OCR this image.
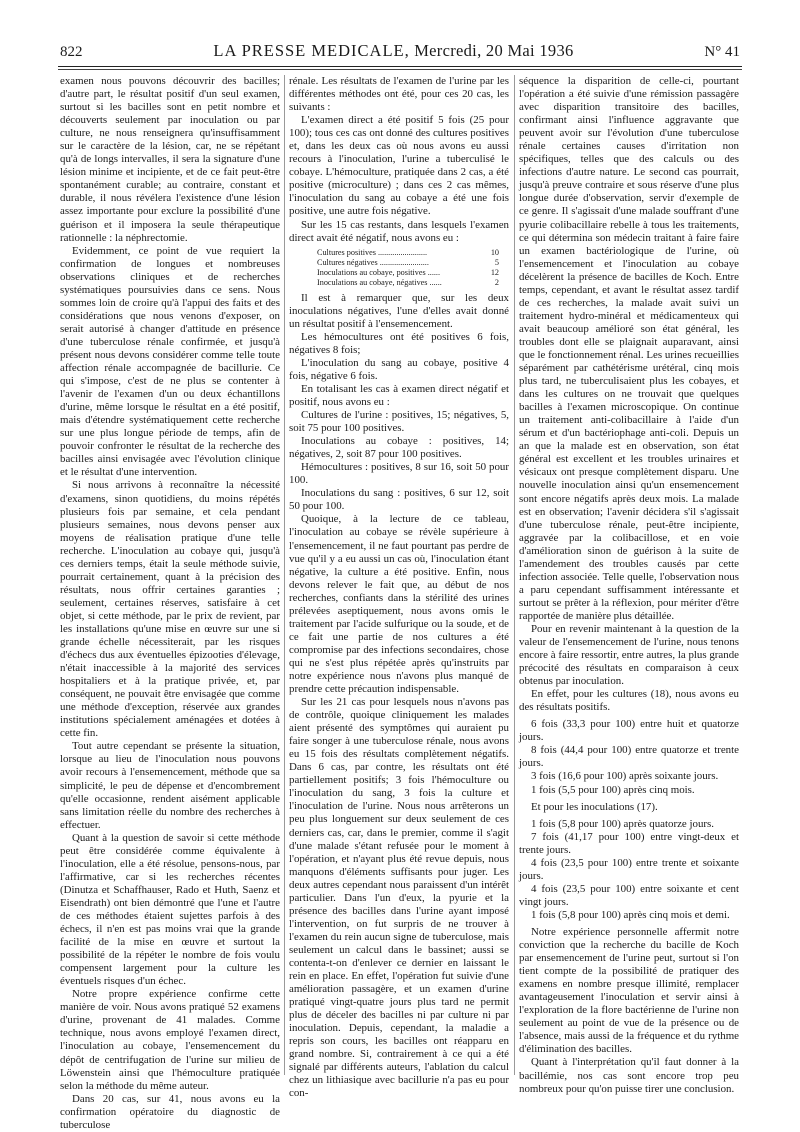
822	LA PRESSE MEDICALE, Mercredi, 20 Mai 1936	N° 41

examen nous pouvons découvrir des bacilles; d'autre part, le résultat positif d'un seul examen, surtout si les bacilles sont en petit nombre et découverts seulement par inoculation ou par culture, ne nous renseignera qu'insuffisamment sur le caractère de la lésion, car, ne se répétant qu'à de longs intervalles, il sera la signature d'une lésion minime et incipiente, et de ce fait peut-être spontanément curable; au contraire, constant et durable, il nous révélera l'existence d'une lésion assez importante pour exclure la possibilité d'une guérison et il imposera la seule thérapeutique rationnelle : la néphrectomie.

Evidemment, ce point de vue requiert la confirmation de longues et nombreuses observations cliniques et de recherches systématiques poursuivies dans ce sens. Nous sommes loin de croire qu'à l'appui des faits et des considérations que nous venons d'exposer, on serait autorisé à changer d'attitude en présence d'une tuberculose rénale confirmée, et jusqu'à présent nous devons considérer comme telle toute affection rénale accompagnée de bacillurie. Ce qui s'impose, c'est de ne plus se contenter à l'avenir de l'examen d'un ou deux échantillons d'urine, même lorsque le résultat en a été positif, mais d'étendre systématiquement cette recherche sur une plus longue période de temps, afin de pouvoir confronter le résultat de la recherche des bacilles ainsi envisagée avec l'évolution clinique et le résultat d'une intervention.

Si nous arrivons à reconnaître la nécessité d'examens, sinon quotidiens, du moins répétés plusieurs fois par semaine, et cela pendant plusieurs semaines, nous devons penser aux moyens de réalisation pratique d'une telle recherche. L'inoculation au cobaye qui, jusqu'à ces derniers temps, était la seule méthode suivie, pourrait certainement, quant à la précision des résultats, nous offrir certaines garanties ; seulement, certaines réserves, satisfaire à cet objet, si cette méthode, par le prix de revient, par les installations qu'une mise en œuvre sur une si grande échelle nécessiterait, par les risques d'échecs dus aux éventuelles épizooties d'élevage, n'était inaccessible à la majorité des services hospitaliers et à la pratique privée, et, par conséquent, ne pouvait être envisagée que comme une méthode d'exception, réservée aux grandes institutions spécialement aménagées et dotées à cette fin.

Tout autre cependant se présente la situation, lorsque au lieu de l'inoculation nous pouvons avoir recours à l'ensemencement, méthode que sa simplicité, le peu de dépense et d'encombrement qu'elle occasionne, rendent aisément applicable sans limitation réelle du nombre des recherches à effectuer.

Quant à la question de savoir si cette méthode peut être considérée comme équivalente à l'inoculation, elle a été résolue, pensons-nous, par l'affirmative, car si les recherches récentes (Dinutza et Schaffhauser, Rado et Huth, Saenz et Eisendrath) ont bien démontré que l'une et l'autre de ces méthodes étaient sujettes parfois à des échecs, il n'en est pas moins vrai que la grande facilité de la mise en œuvre et surtout la possibilité de la répéter le nombre de fois voulu compensent largement pour la culture les éventuels risques d'un échec.

Notre propre expérience confirme cette manière de voir. Nous avons pratiqué 52 examens d'urine, provenant de 41 malades. Comme technique, nous avons employé l'examen direct, l'inoculation au cobaye, l'ensemencement du dépôt de centrifugation de l'urine sur milieu de Löwenstein ainsi que l'hémoculture pratiquée selon la méthode du même auteur.

Dans 20 cas, sur 41, nous avons eu la confirmation opératoire du diagnostic de tuberculose

rénale. Les résultats de l'examen de l'urine par les différentes méthodes ont été, pour ces 20 cas, les suivants :

L'examen direct a été positif 5 fois (25 pour 100); tous ces cas ont donné des cultures positives et, dans les deux cas où nous avons eu aussi recours à l'inoculation, l'urine a tuberculisé le cobaye. L'hémoculture, pratiquée dans 2 cas, a été positive (microculture) ; dans ces 2 cas mêmes, l'inoculation du sang au cobaye a été une fois positive, une autre fois négative.

Sur les 15 cas restants, dans lesquels l'examen direct avait été négatif, nous avons eu :

Cultures positives ........................	10
Cultures négatives ........................	5
Inoculations au cobaye, positives ......	12
Inoculations au cobaye, négatives ......	2

Il est à remarquer que, sur les deux inoculations négatives, l'une d'elles avait donné un résultat positif à l'ensemencement.

Les hémocultures ont été positives 6 fois, négatives 8 fois;

L'inoculation du sang au cobaye, positive 4 fois, négative 6 fois.

En totalisant les cas à examen direct négatif et positif, nous avons eu :

Cultures de l'urine : positives, 15; négatives, 5, soit 75 pour 100 positives.

Inoculations au cobaye : positives, 14; négatives, 2, soit 87 pour 100 positives.

Hémocultures : positives, 8 sur 16, soit 50 pour 100.

Inoculations du sang : positives, 6 sur 12, soit 50 pour 100.

Quoique, à la lecture de ce tableau, l'inoculation au cobaye se révèle supérieure à l'ensemencement, il ne faut pourtant pas perdre de vue qu'il y a eu aussi un cas où, l'inoculation étant négative, la culture a été positive. Enfin, nous devons relever le fait que, au début de nos recherches, confiants dans la stérilité des urines prélevées aseptiquement, nous avons omis le traitement par l'acide sulfurique ou la soude, et de ce fait une partie de nos cultures a été compromise par des infections secondaires, chose qui ne s'est plus répétée après qu'instruits par notre expérience nous n'avons plus manqué de prendre cette précaution indispensable.

Sur les 21 cas pour lesquels nous n'avons pas de contrôle, quoique cliniquement les malades aient présenté des symptômes qui auraient pu faire songer à une tuberculose rénale, nous avons eu 15 fois des résultats complètement négatifs. Dans 6 cas, par contre, les résultats ont été partiellement positifs; 3 fois l'hémoculture ou l'inoculation du sang, 3 fois la culture et l'inoculation de l'urine. Nous nous arrêterons un peu plus longuement sur deux seulement de ces derniers cas, car, dans le premier, comme il s'agit d'une malade s'étant refusée pour le moment à l'opération, et n'ayant plus été revue depuis, nous manquons d'éléments suffisants pour juger. Les deux autres cependant nous paraissent d'un intérêt particulier. Dans l'un d'eux, la pyurie et la présence des bacilles dans l'urine ayant imposé l'intervention, on fut surpris de ne trouver à l'examen du rein aucun signe de tuberculose, mais seulement un calcul dans le bassinet; aussi se contenta-t-on d'enlever ce dernier en laissant le rein en place. En effet, l'opération fut suivie d'une amélioration passagère, et un examen d'urine pratiqué vingt-quatre jours plus tard ne permit plus de déceler des bacilles ni par culture ni par inoculation. Depuis, cependant, la maladie a repris son cours, les bacilles ont réapparu en grand nombre. Si, contrairement à ce qui a été signalé par différents auteurs, l'ablation du calcul chez un lithiasique avec bacillurie n'a pas eu pour con-

séquence la disparition de celle-ci, pourtant l'opération a été suivie d'une rémission passagère avec disparition transitoire des bacilles, confirmant ainsi l'influence aggravante que peuvent avoir sur l'évolution d'une tuberculose rénale certaines causes d'irritation non spécifiques, telles que des calculs ou des infections d'autre nature. Le second cas pourrait, jusqu'à preuve contraire et sous réserve d'une plus longue durée d'observation, servir d'exemple de ce genre. Il s'agissait d'une malade souffrant d'une pyurie colibacillaire rebelle à tous les traitements, ce qui détermina son médecin traitant à faire faire un examen bactériologique de l'urine, où l'ensemencement et l'inoculation au cobaye décelèrent la présence de bacilles de Koch. Entre temps, cependant, et avant le résultat assez tardif de ces recherches, la malade avait suivi un traitement hydro-minéral et médicamenteux qui avait beaucoup amélioré son état général, les troubles dont elle se plaignait auparavant, ainsi que le fonctionnement rénal. Les urines recueillies séparément par cathétérisme urétéral, cinq mois plus tard, ne tuberculisaient plus les cobayes, et dans les cultures on ne trouvait que quelques bacilles à l'examen microscopique. On continue un traitement anti-colibacillaire à l'aide d'un sérum et d'un bactériophage anti-coli. Depuis un an que la malade est en observation, son état général est excellent et les troubles urinaires et vésicaux ont presque complètement disparu. Une nouvelle inoculation ainsi qu'un ensemencement sont encore négatifs après deux mois. La malade est en observation; l'avenir décidera s'il s'agissait d'une tuberculose rénale, peut-être incipiente, aggravée par la colibacillose, et en voie d'amélioration sinon de guérison à la suite de l'amendement des troubles causés par cette infection associée. Telle quelle, l'observation nous a paru cependant suffisamment intéressante et surtout se prêter à la réflexion, pour mériter d'être rapportée de manière plus détaillée.

Pour en revenir maintenant à la question de la valeur de l'ensemencement de l'urine, nous tenons encore à faire ressortir, entre autres, la plus grande précocité des résultats en comparaison à ceux obtenus par inoculation.

En effet, pour les cultures (18), nous avons eu des résultats positifs.

6 fois (33,3 pour 100) entre huit et quatorze jours.

8 fois (44,4 pour 100) entre quatorze et trente jours.

3 fois (16,6 pour 100) après soixante jours.

1 fois (5,5 pour 100) après cinq mois.

Et pour les inoculations (17).

1 fois (5,8 pour 100) après quatorze jours.

7 fois (41,17 pour 100) entre vingt-deux et trente jours.

4 fois (23,5 pour 100) entre trente et soixante jours.

4 fois (23,5 pour 100) entre soixante et cent vingt jours.

1 fois (5,8 pour 100) après cinq mois et demi.

Notre expérience personnelle affermit notre conviction que la recherche du bacille de Koch par ensemencement de l'urine peut, surtout si l'on tient compte de la possibilité de pratiquer des examens en nombre presque illimité, remplacer avantageusement l'inoculation et servir ainsi à l'exploration de la flore bactérienne de l'urine non seulement au point de vue de la présence ou de l'absence, mais aussi de la fréquence et du rythme d'élimination des bacilles.

Quant à l'interprétation qu'il faut donner à la bacillémie, nos cas sont encore trop peu nombreux pour qu'on puisse tirer une conclusion.
